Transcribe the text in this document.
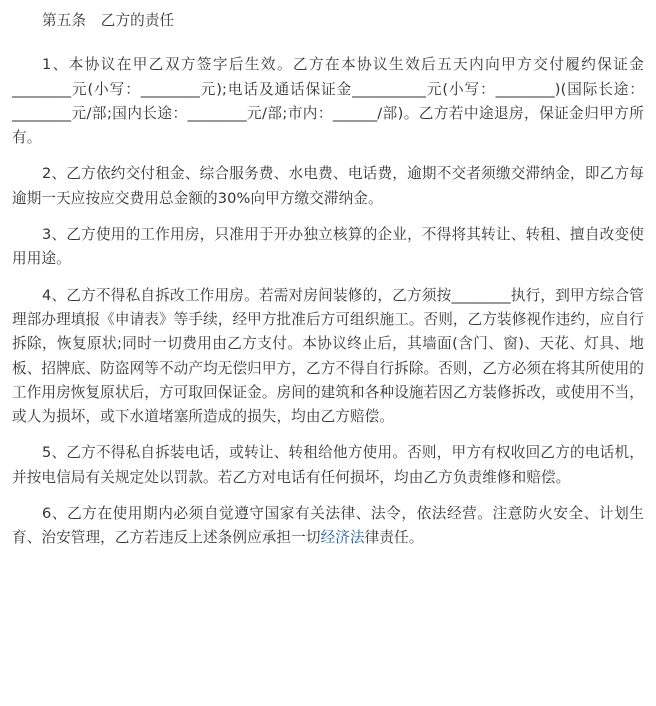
第五条　乙方的责任

1、本协议在甲乙双方签字后生效。乙方在本协议生效后五天内向甲方交付履约保证金________元(小写：________元);电话及通话保证金__________元(小写：________)(国际长途：________元/部;国内长途：________元/部;市内：______/部)。乙方若中途退房，保证金归甲方所有。

2、乙方依约交付租金、综合服务费、水电费、电话费，逾期不交者须缴交滞纳金，即乙方每逾期一天应按应交费用总金额的30%向甲方缴交滞纳金。

3、乙方使用的工作用房，只准用于开办独立核算的企业，不得将其转让、转租、擅自改变使用用途。

4、乙方不得私自拆改工作用房。若需对房间装修的，乙方须按________执行，到甲方综合管理部办理填报《申请表》等手续，经甲方批准后方可组织施工。否则，乙方装修视作违约，应自行拆除，恢复原状;同时一切费用由乙方支付。本协议终止后，其墙面(含门、窗)、天花、灯具、地板、招牌底、防盗网等不动产均无偿归甲方，乙方不得自行拆除。否则，乙方必须在将其所使用的工作用房恢复原状后，方可取回保证金。房间的建筑和各种设施若因乙方装修拆改，或使用不当，或人为损坏，或下水道堵塞所造成的损失，均由乙方赔偿。

5、乙方不得私自拆装电话，或转让、转租给他方使用。否则，甲方有权收回乙方的电话机，并按电信局有关规定处以罚款。若乙方对电话有任何损坏，均由乙方负责维修和赔偿。

6、乙方在使用期内必须自觉遵守国家有关法律、法令，依法经营。注意防火安全、计划生育、治安管理，乙方若违反上述条例应承担一切经济法律责任。
